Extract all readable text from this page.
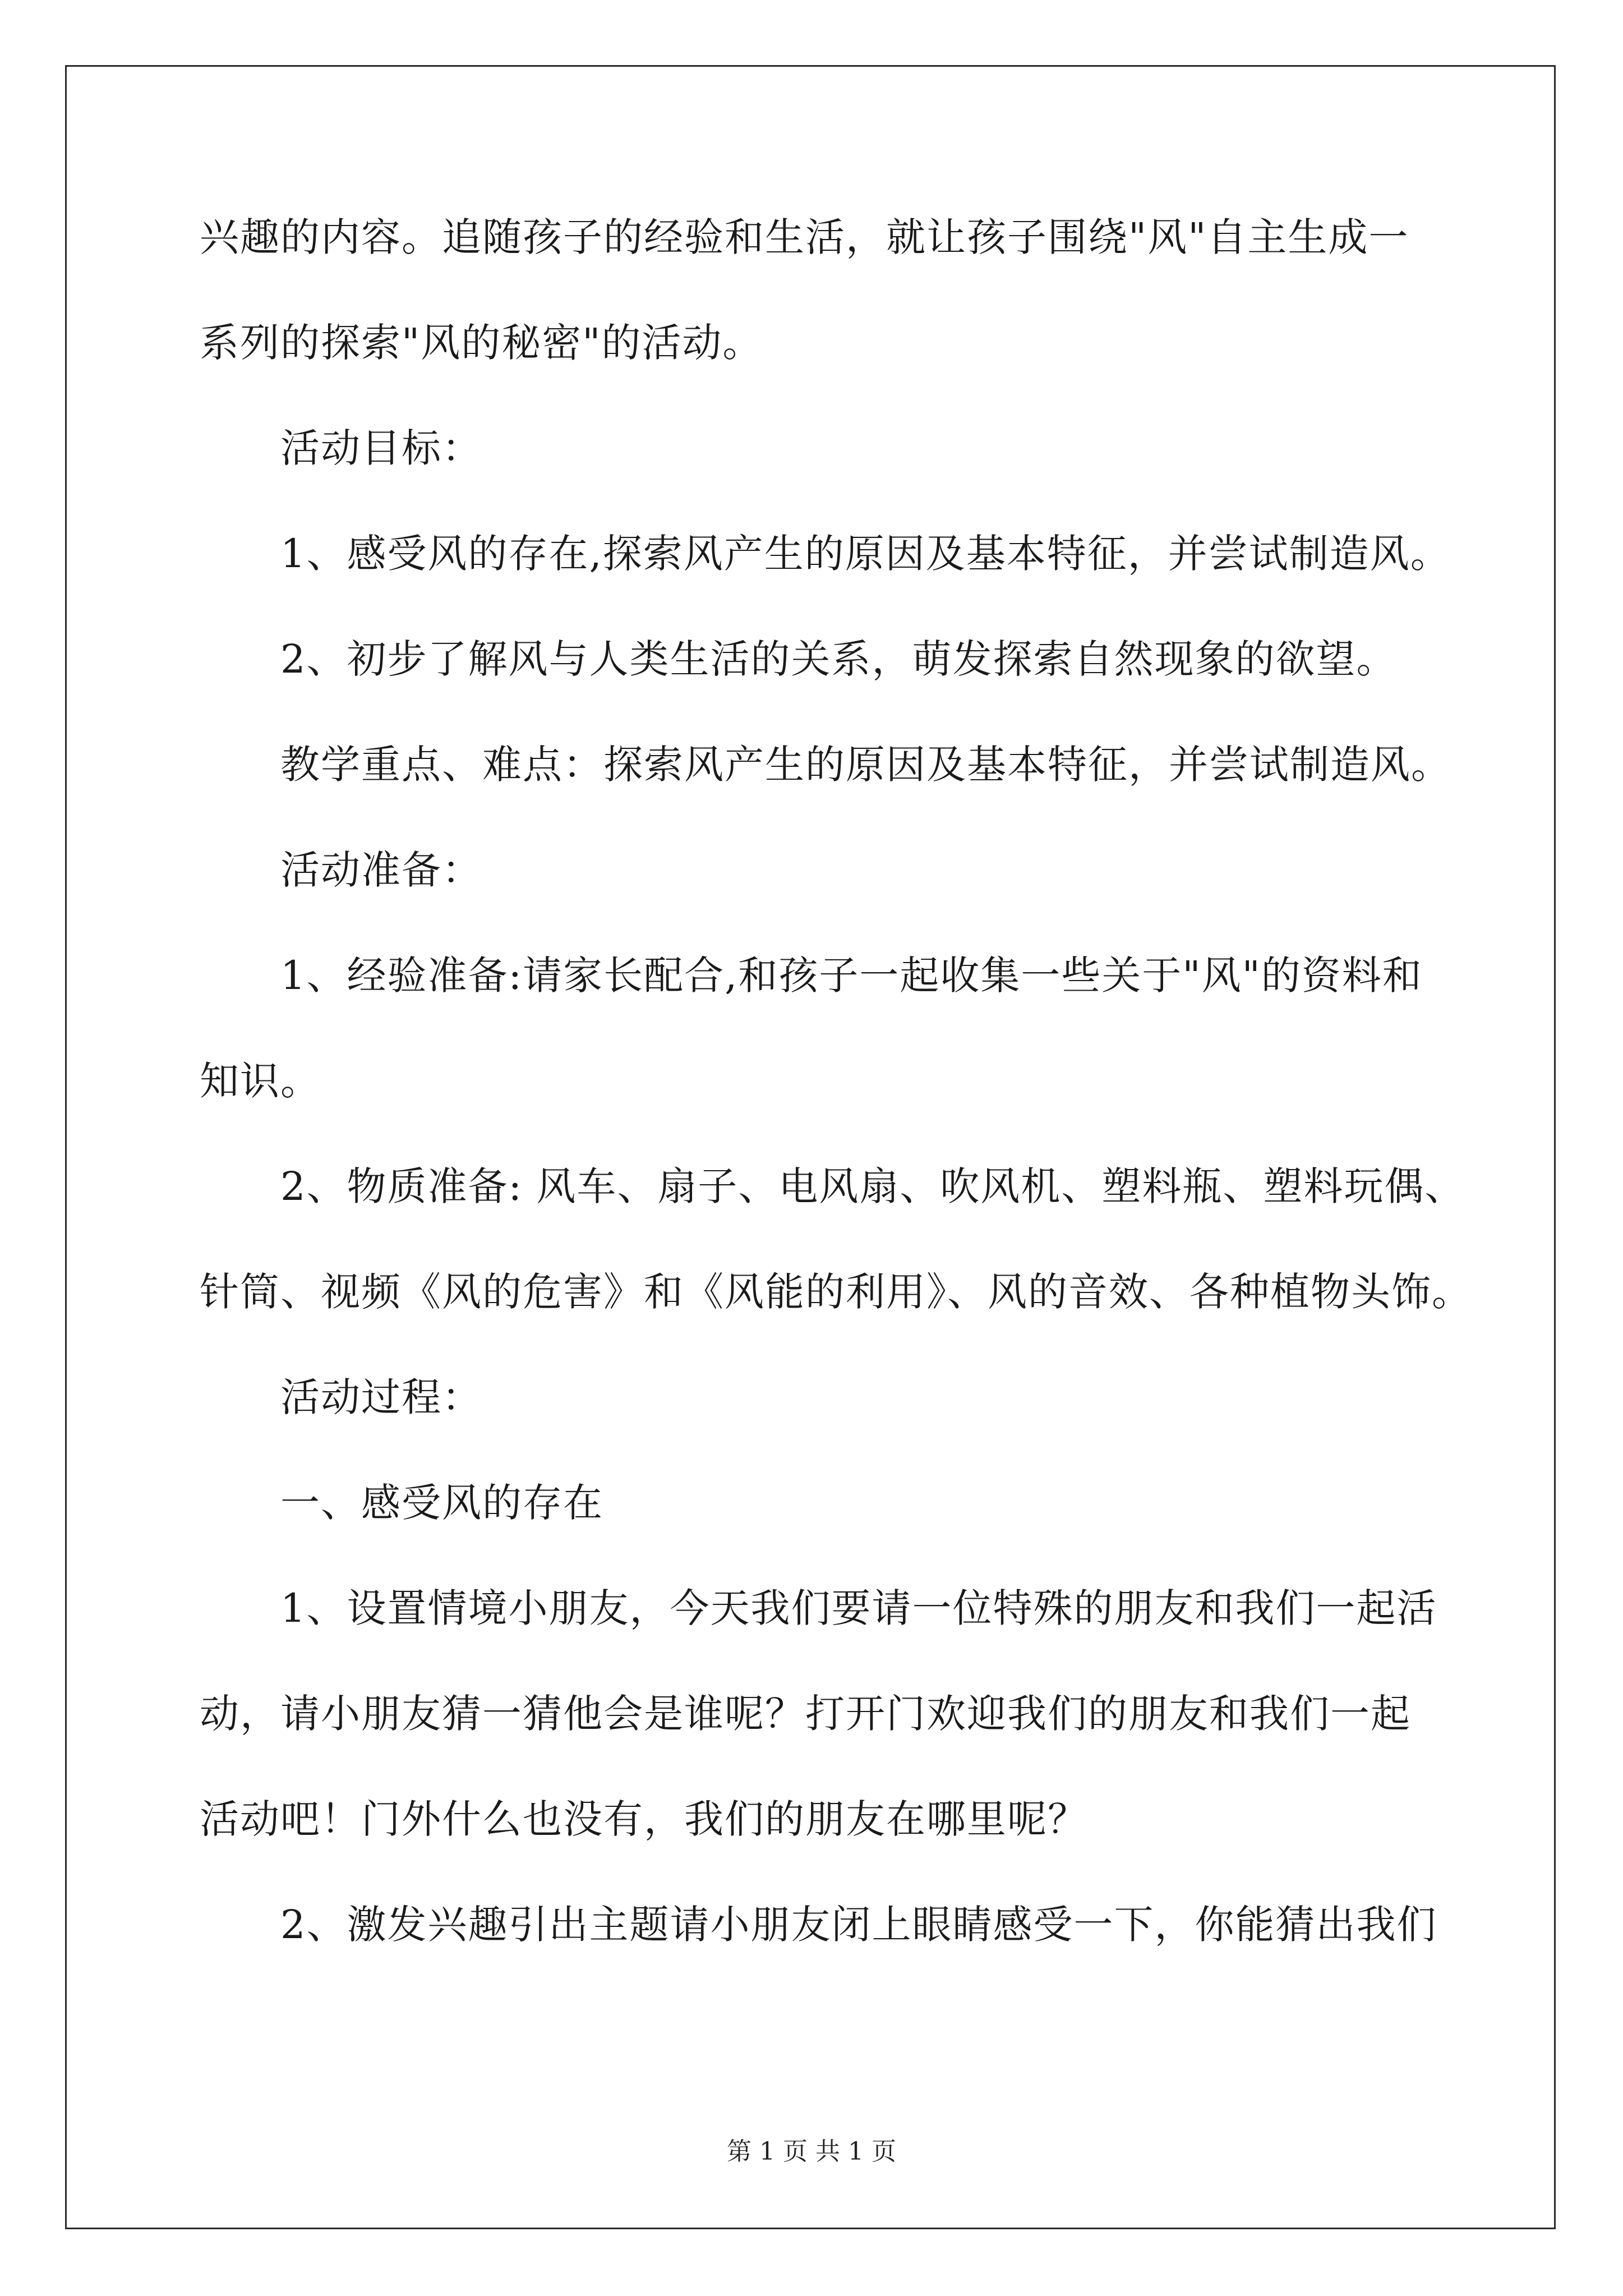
兴趣的内容。追随孩子的经验和生活，就让孩子围绕"风"自主生成一
系列的探索"风的秘密"的活动。
活动目标：
1、感受风的存在,探索风产生的原因及基本特征，并尝试制造风。
2、初步了解风与人类生活的关系，萌发探索自然现象的欲望。
教学重点、难点：探索风产生的原因及基本特征，并尝试制造风。
活动准备：
1、经验准备:请家长配合,和孩子一起收集一些关于"风"的资料和
知识。
2、物质准备: 风车、扇子、电风扇、吹风机、塑料瓶、塑料玩偶、
针筒、视频《风的危害》和《风能的利用》、风的音效、各种植物头饰。
活动过程：
一、感受风的存在
1、设置情境小朋友，今天我们要请一位特殊的朋友和我们一起活
动，请小朋友猜一猜他会是谁呢？打开门欢迎我们的朋友和我们一起
活动吧！门外什么也没有，我们的朋友在哪里呢？
2、激发兴趣引出主题请小朋友闭上眼睛感受一下，你能猜出我们
第 1 页 共 1 页
